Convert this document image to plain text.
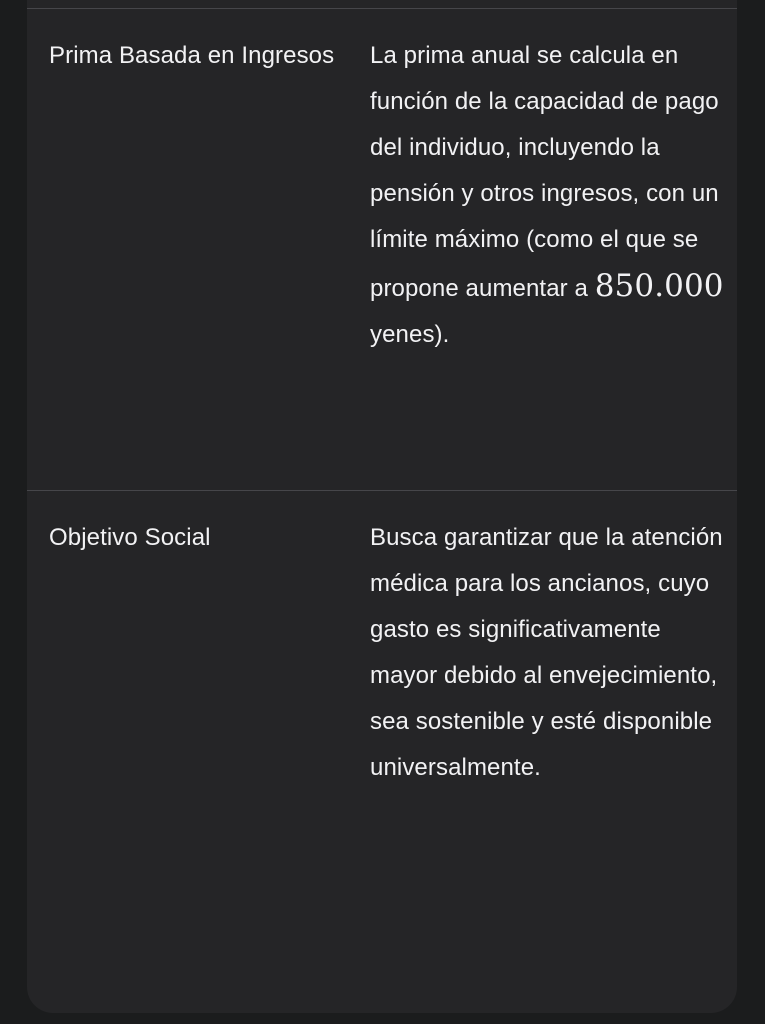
Prima Basada en Ingresos	La prima anual se calcula en función de la capacidad de pago del individuo, incluyendo la pensión y otros ingresos, con un límite máximo (como el que se propone aumentar a 850.000 yenes).
Objetivo Social	Busca garantizar que la atención médica para los ancianos, cuyo gasto es significativamente mayor debido al envejecimiento, sea sostenible y esté disponible universalmente.
